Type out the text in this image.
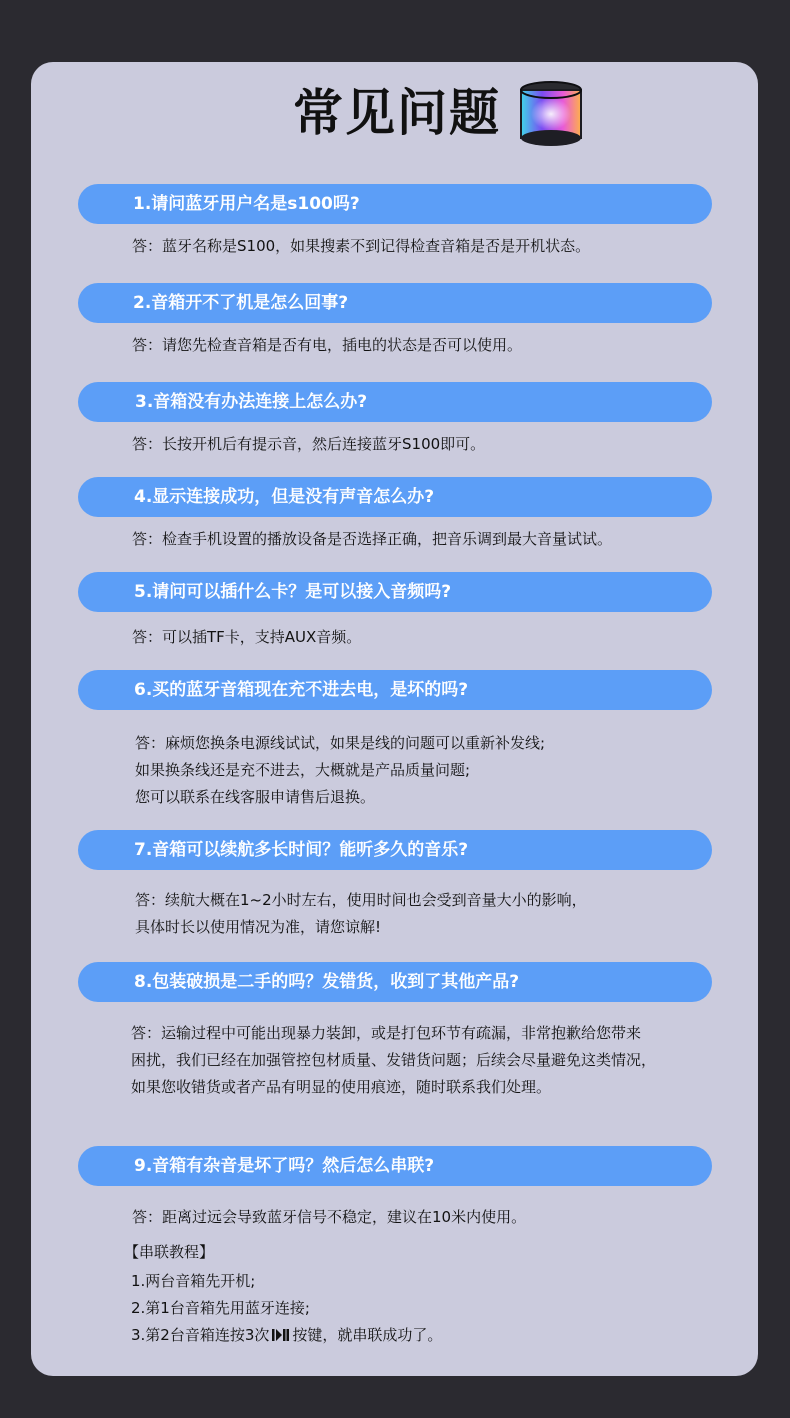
常见问题
1.请问蓝牙用户名是s100吗?
答：蓝牙名称是S100，如果搜素不到记得检查音箱是否是开机状态。
2.音箱开不了机是怎么回事?
答：请您先检查音箱是否有电，插电的状态是否可以使用。
3.音箱没有办法连接上怎么办?
答：长按开机后有提示音，然后连接蓝牙S100即可。
4.显示连接成功，但是没有声音怎么办?
答：检查手机设置的播放设备是否选择正确，把音乐调到最大音量试试。
5.请问可以插什么卡？是可以接入音频吗?
答：可以插TF卡，支持AUX音频。
6.买的蓝牙音箱现在充不进去电，是坏的吗?
答：麻烦您换条电源线试试，如果是线的问题可以重新补发线;
如果换条线还是充不进去，大概就是产品质量问题;
您可以联系在线客服申请售后退换。
7.音箱可以续航多长时间？能听多久的音乐?
答：续航大概在1~2小时左右，使用时间也会受到音量大小的影响，
具体时长以使用情况为准，请您谅解!
8.包装破损是二手的吗？发错货，收到了其他产品?
答：运输过程中可能出现暴力装卸，或是打包环节有疏漏，非常抱歉给您带来
困扰，我们已经在加强管控包材质量、发错货问题；后续会尽量避免这类情况，
如果您收错货或者产品有明显的使用痕迹，随时联系我们处理。
9.音箱有杂音是坏了吗？然后怎么串联?
答：距离过远会导致蓝牙信号不稳定，建议在10米内使用。
【串联教程】
1.两台音箱先开机;
2.第1台音箱先用蓝牙连接;
3.第2台音箱连按3次 按键，就串联成功了。
